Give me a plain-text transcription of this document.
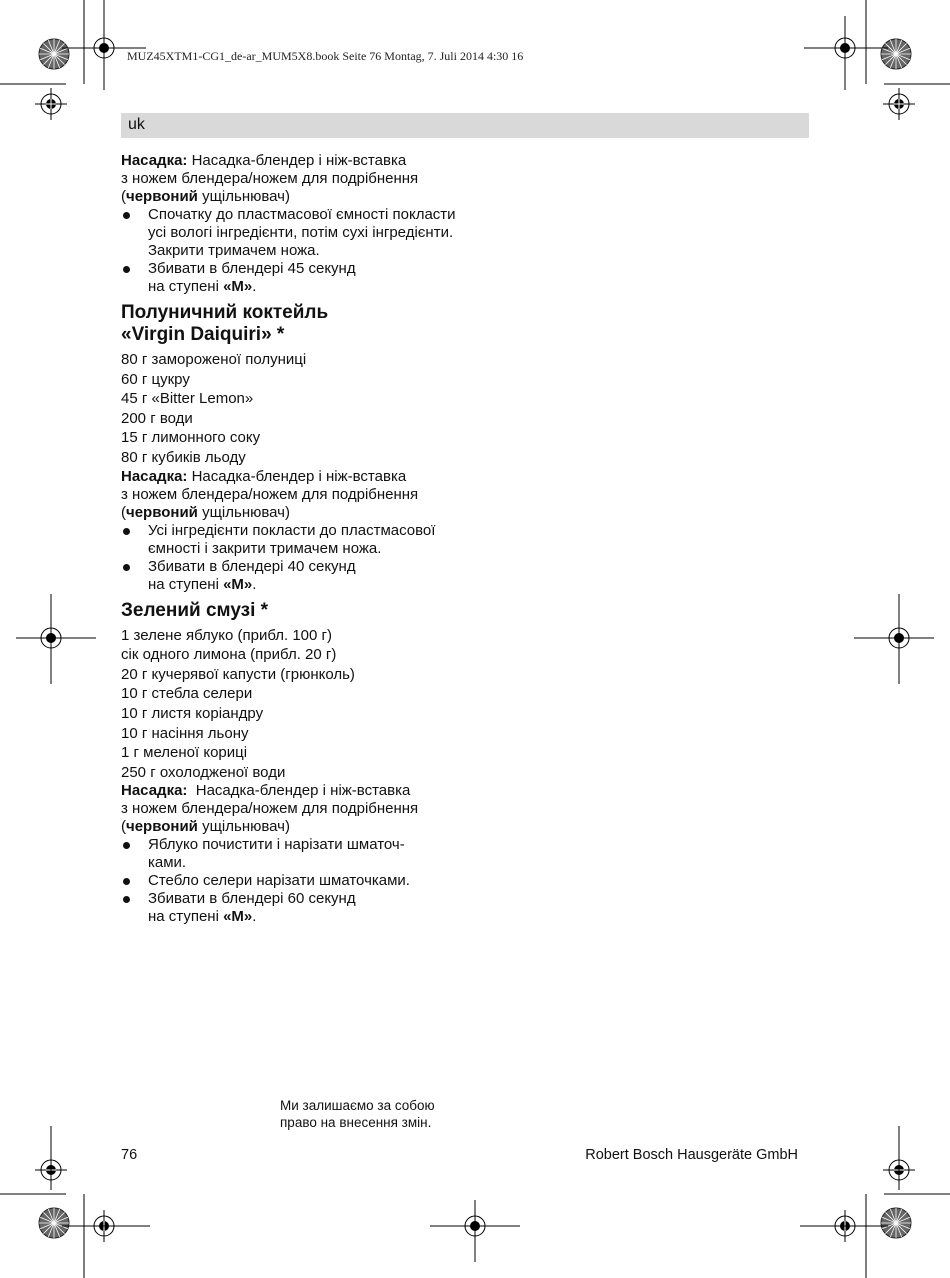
MUZ45XTM1-CG1_de-ar_MUM5X8.book Seite 76 Montag, 7. Juli 2014 4:30 16
uk

Насадка: Насадка-блендер і ніж-вставка

з ножем блендера/ножем для подрібнення

(червоний ущільнювач)

Спочатку до пластмасової ємності покласти усі вологі інгредієнти, потім сухі інгредієнти. Закрити тримачем ножа.
Збивати в блендері 45 секунд
на ступені «M».
Полуничний коктейль
«Virgin Daiquiri» *

80 г замороженої полуниці

60 г цукру

45 г «Bitter Lemon»

200 г води

15 г лимонного соку

80 г кубиків льоду

Насадка: Насадка-блендер і ніж-вставка

з ножем блендера/ножем для подрібнення

(червоний ущільнювач)

Усі інгредієнти покласти до пластмасової ємності і закрити тримачем ножа.
Збивати в блендері 40 секунд
на ступені «M».
Зелений смузі *

1 зелене яблуко (прибл. 100 г)

сік одного лимона (прибл. 20 г)

20 г кучерявої капусти (грюнколь)

10 г стебла селери

10 г листя коріандру

10 г насіння льону

1 г меленої кориці

250 г охолодженої води

Насадка:  Насадка-блендер і ніж-вставка

з ножем блендера/ножем для подрібнення

(червоний ущільнювач)

Яблуко почистити і нарізати шматоч-ками.
Стебло селери нарізати шматочками.
Збивати в блендері 60 секунд
на ступені «M».
Ми залишаємо за собою
право на внесення змін.
76	Robert Bosch Hausgeräte GmbH
